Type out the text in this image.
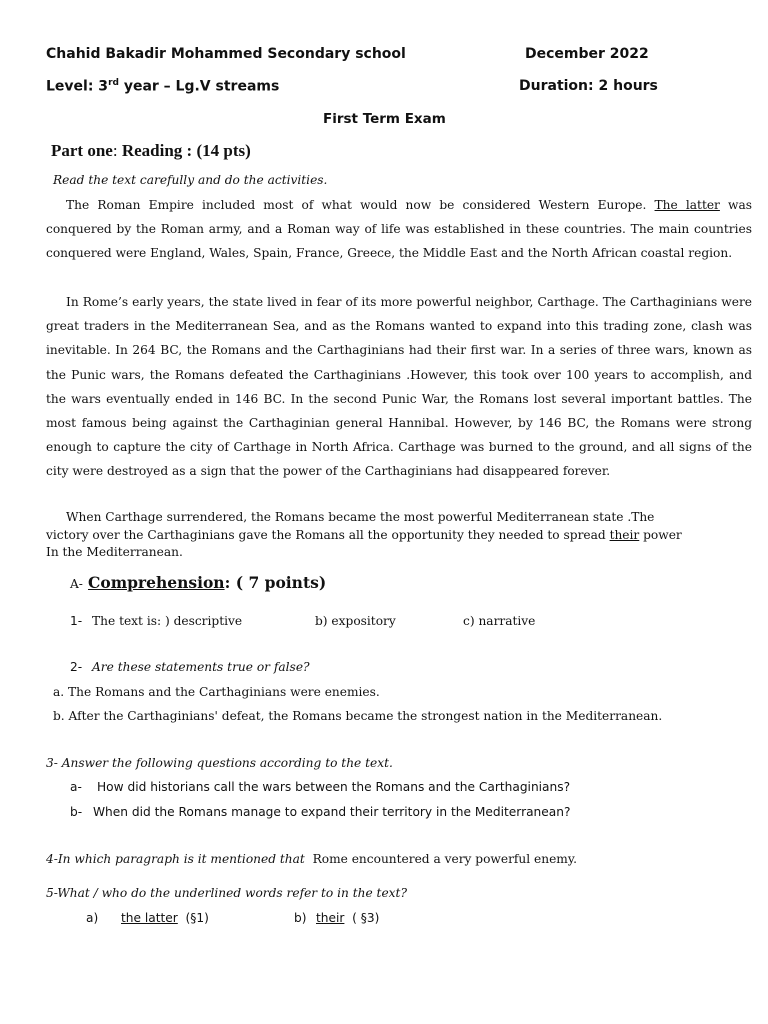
Chahid Bakadir Mohammed Secondary school	December 2022
Level: 3rd year – Lg.V streams	Duration: 2 hours
First Term Exam
Part one: Reading : (14 pts)
Read the text carefully and do the activities.

The Roman Empire included most of what would now be considered Western Europe. The latter was conquered by the Roman army, and a Roman way of life was established in these countries. The main countries conquered were England, Wales, Spain, France, Greece, the Middle East and the North African coastal region.

In Rome’s early years, the state lived in fear of its more powerful neighbor, Carthage. The Carthaginians were great traders in the Mediterranean Sea, and as the Romans wanted to expand into this trading zone, clash was inevitable. In 264 BC, the Romans and the Carthaginians had their first war. In a series of three wars, known as the Punic wars, the Romans defeated the Carthaginians .However, this took over 100 years to accomplish, and the wars eventually ended in 146 BC. In the second Punic War, the Romans lost several important battles. The most famous being against the Carthaginian general Hannibal. However, by 146 BC, the Romans were strong enough to capture the city of Carthage in North Africa. Carthage was burned to the ground, and all signs of the city were destroyed as a sign that the power of the Carthaginians had disappeared forever.

When Carthage surrendered, the Romans became the most powerful Mediterranean state .The
victory over the Carthaginians gave the Romans all the opportunity they needed to spread their power
In the Mediterranean.
A- Comprehension: ( 7 points)
1- The text is: ) descriptive	b) expository	c) narrative
2- Are these statements true or false?
a. The Romans and the Carthaginians were enemies.
b. After the Carthaginians' defeat, the Romans became the strongest nation in the Mediterranean.
3- Answer the following questions according to the text.
a- How did historians call the wars between the Romans and the Carthaginians?
b- When did the Romans manage to expand their territory in the Mediterranean?
4-In which paragraph is it mentioned that Rome encountered a very powerful enemy.
5-What / who do the underlined words refer to in the text?
a) the latter (§1)	b) their ( §3)
